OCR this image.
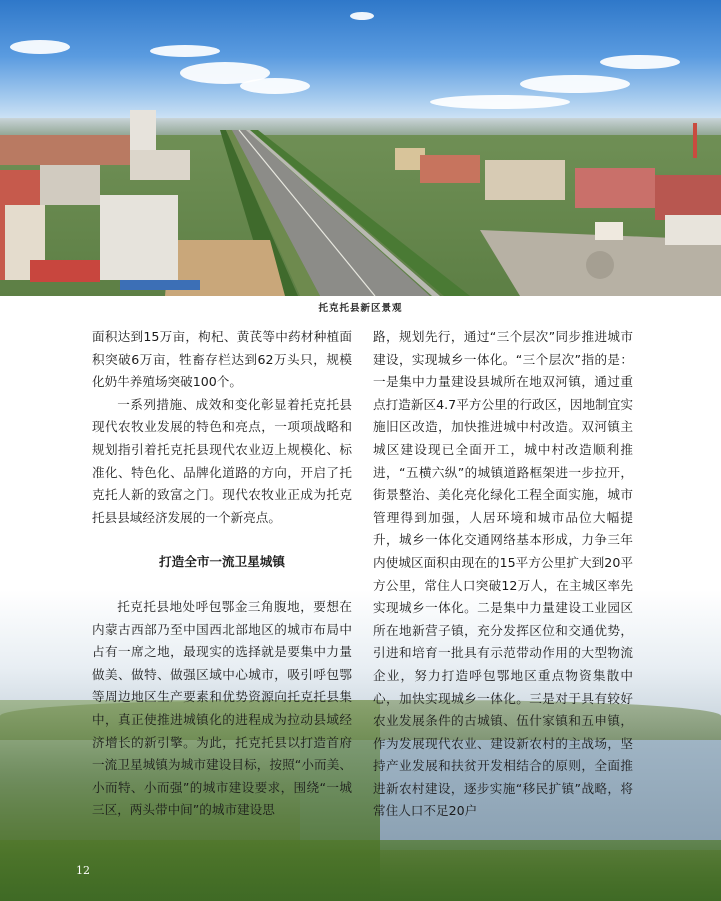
托克托县新区景观

面积达到15万亩，枸杞、黄芪等中药材种植面积突破6万亩，牲畜存栏达到62万头只，规模化奶牛养殖场突破100个。

一系列措施、成效和变化彰显着托克托县现代农牧业发展的特色和亮点，一项项战略和规划指引着托克托县现代农业迈上规模化、标准化、特色化、品牌化道路的方向，开启了托克托人新的致富之门。现代农牧业正成为托克托县县域经济发展的一个新亮点。

打造全市一流卫星城镇

托克托县地处呼包鄂金三角腹地，要想在内蒙古西部乃至中国西北部地区的城市布局中占有一席之地，最现实的选择就是要集中力量做美、做特、做强区域中心城市，吸引呼包鄂等周边地区生产要素和优势资源向托克托县集中，真正使推进城镇化的进程成为拉动县域经济增长的新引擎。为此，托克托县以打造首府一流卫星城镇为城市建设目标，按照“小而美、小而特、小而强”的城市建设要求，围绕“一城三区，两头带中间”的城市建设思

路，规划先行，通过“三个层次”同步推进城市建设，实现城乡一体化。“三个层次”指的是：一是集中力量建设县城所在地双河镇，通过重点打造新区4.7平方公里的行政区，因地制宜实施旧区改造，加快推进城中村改造。双河镇主城区建设现已全面开工，城中村改造顺利推进，“五横六纵”的城镇道路框架进一步拉开，街景整治、美化亮化绿化工程全面实施，城市管理得到加强，人居环境和城市品位大幅提升，城乡一体化交通网络基本形成，力争三年内使城区面积由现在的15平方公里扩大到20平方公里，常住人口突破12万人，在主城区率先实现城乡一体化。二是集中力量建设工业园区所在地新营子镇，充分发挥区位和交通优势，引进和培育一批具有示范带动作用的大型物流企业，努力打造呼包鄂地区重点物资集散中心，加快实现城乡一体化。三是对于具有较好农业发展条件的古城镇、伍什家镇和五申镇，作为发展现代农业、建设新农村的主战场，坚持产业发展和扶贫开发相结合的原则，全面推进新农村建设，逐步实施“移民扩镇”战略，将常住人口不足20户

12
